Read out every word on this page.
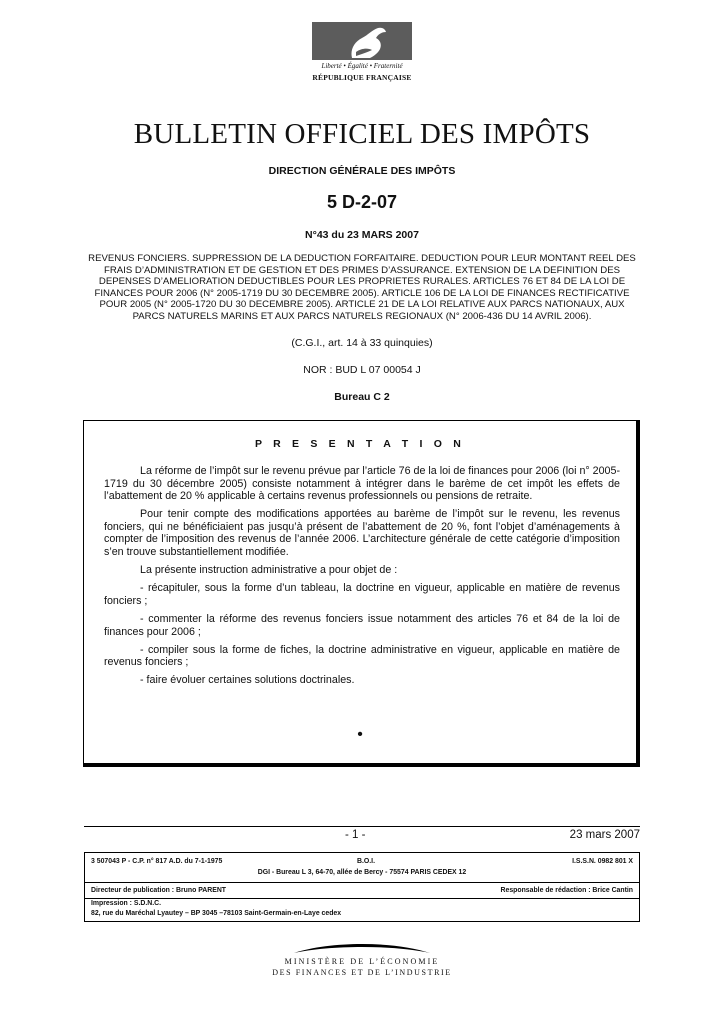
Liberté • Égalité • Fraternité
RÉPUBLIQUE FRANÇAISE
BULLETIN OFFICIEL DES IMPÔTS
DIRECTION GÉNÉRALE DES IMPÔTS
5 D-2-07
N°43 du 23 MARS 2007
REVENUS FONCIERS. SUPPRESSION DE LA DEDUCTION FORFAITAIRE. DEDUCTION POUR LEUR MONTANT REEL DES FRAIS D’ADMINISTRATION ET DE GESTION ET DES PRIMES D’ASSURANCE. EXTENSION DE LA DEFINITION DES DEPENSES D’AMELIORATION DEDUCTIBLES POUR LES PROPRIETES RURALES. ARTICLES 76 ET 84 DE LA LOI DE FINANCES POUR 2006 (N° 2005-1719 DU 30 DECEMBRE 2005). ARTICLE 106 DE LA LOI DE FINANCES RECTIFICATIVE POUR 2005 (N° 2005-1720 DU 30 DECEMBRE 2005). ARTICLE 21 DE LA LOI RELATIVE AUX PARCS NATIONAUX, AUX PARCS NATURELS MARINS ET AUX PARCS NATURELS REGIONAUX (N° 2006-436 DU 14 AVRIL 2006).
(C.G.I., art. 14 à 33 quinquies)
NOR : BUD L 07 00054 J
Bureau C 2
P R E S E N T A T I O N

La réforme de l’impôt sur le revenu prévue par l’article 76 de la loi de finances pour 2006 (loi n° 2005-1719 du 30 décembre 2005) consiste notamment à intégrer dans le barème de cet impôt les effets de l’abattement de 20 % applicable à certains revenus professionnels ou pensions de retraite.

Pour tenir compte des modifications apportées au barème de l’impôt sur le revenu, les revenus fonciers, qui ne bénéficiaient pas jusqu’à présent de l’abattement de 20 %, font l’objet d’aménagements à compter de l’imposition des revenus de l’année 2006. L’architecture générale de cette catégorie d’imposition s’en trouve substantiellement modifiée.

La présente instruction administrative a pour objet de :

- récapituler, sous la forme d’un tableau, la doctrine en vigueur, applicable en matière de revenus fonciers ;

- commenter la réforme des revenus fonciers issue notamment des articles 76 et 84 de la loi de finances pour 2006 ;

- compiler sous la forme de fiches, la doctrine administrative en vigueur, applicable en matière de revenus fonciers ;

- faire évoluer certaines solutions doctrinales.

•
- 1 -	23 mars 2007
3 507043 P - C.P. n° 817 A.D. du 7-1-1975	B.O.I.	I.S.S.N. 0982 801 X
DGI - Bureau L 3, 64-70, allée de Bercy - 75574 PARIS CEDEX 12
Directeur de publication : Bruno PARENT	Responsable de rédaction : Brice Cantin
Impression : S.D.N.C.
82, rue du Maréchal Lyautey – BP 3045 –78103 Saint-Germain-en-Laye cedex
MINISTÈRE DE L’ÉCONOMIE
DES FINANCES ET DE L’INDUSTRIE
